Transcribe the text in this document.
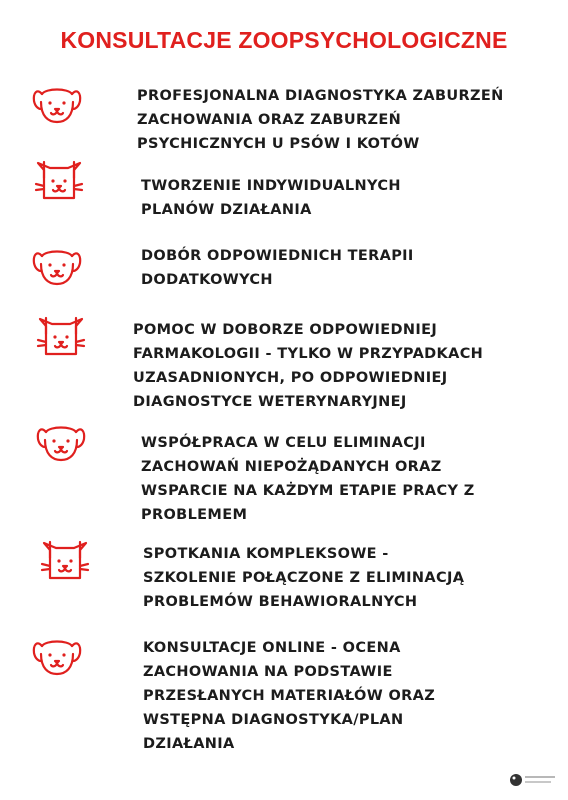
KONSULTACJE ZOOPSYCHOLOGICZNE
PROFESJONALNA DIAGNOSTYKA ZABURZEŃ
ZACHOWANIA ORAZ ZABURZEŃ
PSYCHICZNYCH U PSÓW I KOTÓW
TWORZENIE INDYWIDUALNYCH
PLANÓW DZIAŁANIA
DOBÓR ODPOWIEDNICH TERAPII
DODATKOWYCH
POMOC W DOBORZE ODPOWIEDNIEJ
FARMAKOLOGII - TYLKO W PRZYPADKACH
UZASADNIONYCH, PO ODPOWIEDNIEJ
DIAGNOSTYCE WETERYNARYJNEJ
WSPÓŁPRACA W CELU ELIMINACJI
ZACHOWAŃ NIEPOŻĄDANYCH ORAZ
WSPARCIE NA KAŻDYM ETAPIE PRACY Z
PROBLEMEM
SPOTKANIA KOMPLEKSOWE -
SZKOLENIE POŁĄCZONE Z ELIMINACJĄ
PROBLEMÓW BEHAWIORALNYCH
KONSULTACJE ONLINE - OCENA
ZACHOWANIA NA PODSTAWIE
PRZESŁANYCH MATERIAŁÓW ORAZ
WSTĘPNA DIAGNOSTYKA/PLAN
DZIAŁANIA
